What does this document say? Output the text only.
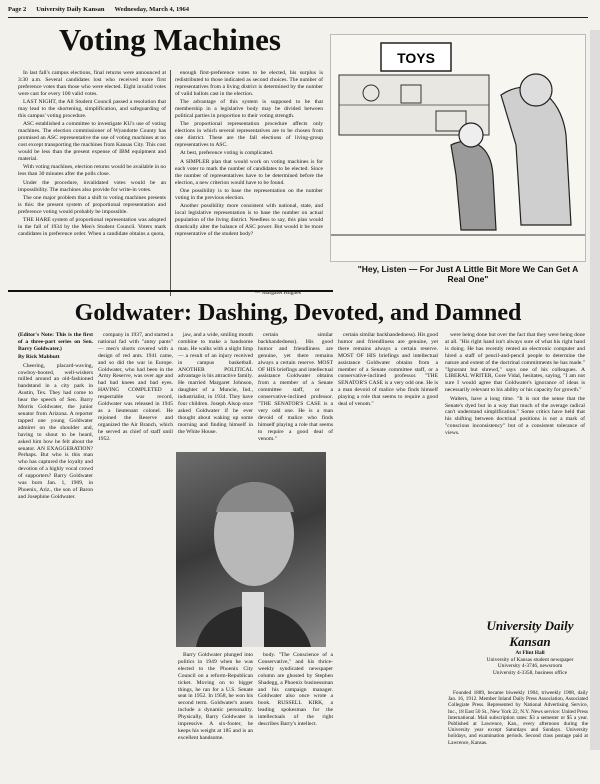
Page 2 University Daily Kansan Wednesday, March 4, 1964
Voting Machines

In last fall's campus elections, final returns were announced at 3:30 a.m. Several candidates lost who received more first preference votes than those who were elected. Eight invalid votes were cast for every 100 valid votes.

LAST NIGHT, the All Student Council passed a resolution that may lead to the shortening, simplification, and safeguarding of this campus' voting procedure.

ASC established a committee to investigate KU's use of voting machines. The election commissioner of Wyandotte County has promised an ASC representative the use of voting machines at no cost except transporting the machines from Kansas City. This cost would be less than the present expense of IBM equipment and material.

With voting machines, election returns would be available in no less than 30 minutes after the polls close.

Under the procedure, invalidated votes would be an impossibility. The machines also provide for write-in votes.

The one major problem that a shift to voting machines presents is this: the present system of proportional representation and preference voting would probably be impossible.

THE HARE system of proportional representation was adopted in the fall of 1934 by the Men's Student Council. Voters mark candidates in preference order. When a candidate obtains a quota,

enough first-preference votes to be elected, his surplus is redistributed to those indicated as second choices. The number of representatives from a living district is determined by the number of valid ballots cast in the election.

The advantage of this system is supposed to be that membership in a legislative body may be divided between political parties in proportion to their voting strength.

The proportional representation procedure affects only elections in which several representatives are to be chosen from one district. These are the fall elections of living-group representatives to ASC.

At best, preference voting is complicated.

A SIMPLER plan that would work on voting machines is for each voter to mark the number of candidates to be elected. Since the number of representatives have to be determined before the election, a new criterion would have to be found.

One possibility is to base the representation on the number voting in the previous election.

Another possibility more consistent with national, state, and local legislative representation is to base the number on actual population of the living district. Needless to say, this plan would drastically alter the balance of ASC power. But would it be more representative of the student body?

— Margaret Hughes
TOYS
"Hey, Listen — For Just A Little Bit More We Can Get A Real One"
Goldwater: Dashing, Devoted, and Damned

(Editor's Note: This is the first of a three-part series on Sen. Barry Goldwater.)

By Rick Mabbutt

Cheering, placard-waving, cowboy-booted, well-wishers milled around an old-fashioned bandstand in a city park in Austin, Tex. They had come to hear the speech of Sen. Barry Morris Goldwater, the junior senator from Arizona. A reporter tapped one young Goldwater admirer on the shoulder and, having to shout to be heard, asked him how he felt about the senator. AN EXAGGERATION? Perhaps. But who is this man who has captured the loyalty and devotion of a highly vocal crowd of supporters? Barry Goldwater was born Jan. 1, 1909, in Phoenix, Ariz., the son of Baron and Josephine Goldwater.

company in 1937, and started a national fad with "antsy pants" — men's shorts covered with a design of red ants. 1941 came, and so did the war in Europe. Goldwater, who had been in the Army Reserve, was over age and had bad knees and bad eyes. HAVING COMPLETED a respectable war record, Goldwater was released in 1945 as a lieutenant colonel. He rejoined the Reserve and organized the Air Branch, which he served as chief of staff until 1952.

jaw, and a wide, smiling mouth combine to make a handsome man. He walks with a slight limp — a result of an injury received in campus basketball. ANOTHER POLITICAL advantage is his attractive family. He married Margaret Johnson, daughter of a Muncie, Ind., industrialist, in 1934. They have four children. Joseph Alsop once asked Goldwater if he ever thought about waking up some morning and finding himself in the White House.

certain similar backhandedness). His good humor and friendliness are genuine, yet there remains always a certain reserve. MOST OF HIS briefings and intellectual assistance Goldwater obtains from a member of a Senate committee staff, or a conservative-inclined professor. "THE SENATOR'S CASE is a very odd one. He is a man devoid of malice who finds himself playing a role that seems to require a good deal of venom."

Barry Goldwater plunged into politics in 1949 when he was elected to the Phoenix City Council on a reform-Republican ticket. Moving on to bigger things, he ran for a U.S. Senate seat in 1952. In 1958, he won his second term. Goldwater's assets include a dynamic personality. Physically, Barry Goldwater is impressive. A six-footer, he keeps his weight at 185 and is an excellent handsome.

body. "The Conscience of a Conservative," and his thrice-weekly syndicated newspaper column are ghosted by Stephen Shadegg, a Phoenix businessman and his campaign manager. Goldwater also once wrote a book. RUSSELL KIRK, a leading spokesman for the intellectuals of the right describes Barry's intellect.

certain similar backhandedness). His good humor and friendliness are genuine, yet there remains always a certain reserve. MOST OF HIS briefings and intellectual assistance Goldwater obtains from a member of a Senate committee staff, or a conservative-inclined professor. "THE SENATOR'S CASE is a very odd one. He is a man devoid of malice who finds himself playing a role that seems to require a good deal of venom."

were being done but over the fact that they were being done at all. "His right hand isn't always sure of what his right hand is doing. He has recently rented an electronic computer and hired a staff of pencil-and-pencil people to determine the nature and extent of the doctrinal commitments he has made." "Ignorant but shrewd," says one of his colleagues. A LIBERAL WRITER, Gore Vidal, hesitates, saying, "I am not sure I would agree that Goldwater's ignorance of ideas is necessarily relevant to his ability or his capacity for growth."

Walters, have a long time. "It is not the sense that the Senate's dyed but in a way that much of the average radical can't understand simplification." Some critics have held that his shifting between doctrinal positions is not a mark of "conscious inconsistency" but of a consistent tolerance of views.

University Daily Kansan
At Flint Hall
University of Kansas student newspaper
University 4-3746, newsroom
University 4-3358, business office

Founded 1889, became biweekly 1904, triweekly 1908, daily Jan. 16, 1912. Member Inland Daily Press Association, Associated Collegiate Press. Represented by National Advertising Service, Inc., 18 East 50 St., New York 22, N.Y. News service: United Press International. Mail subscription rates: $3 a semester or $5 a year. Published at Lawrence, Kan., every afternoon during the University year except Saturdays and Sundays. University holidays, and examination periods. Second class postage paid at Lawrence, Kansas.
